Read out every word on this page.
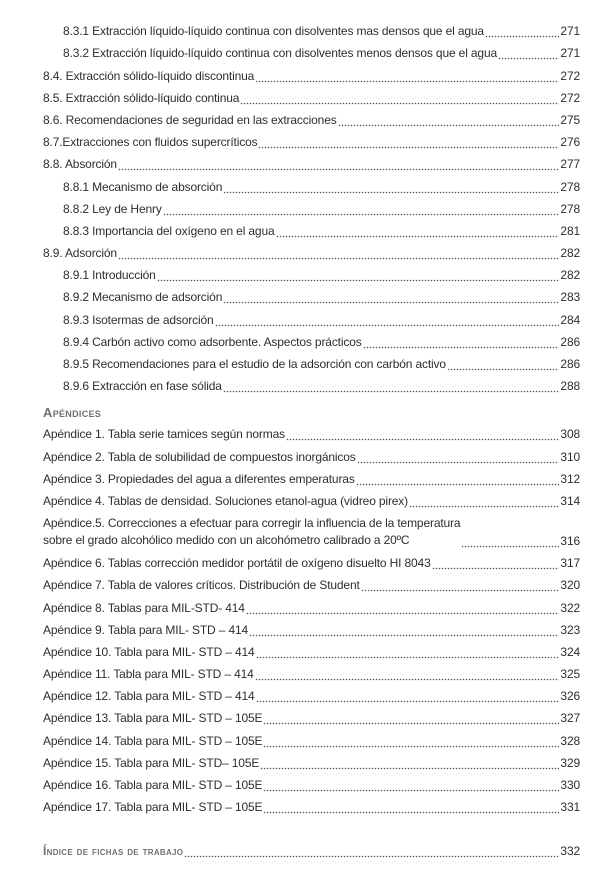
8.3.1 Extracción líquido-líquido continua con disolventes mas densos que el agua	271
8.3.2 Extracción líquido-líquido continua con disolventes menos densos que el agua	271
8.4. Extracción sólido-líquido discontinua	272
8.5. Extracción sólido-líquido continua	272
8.6. Recomendaciones de seguridad en las extracciones	275
8.7.Extracciones con fluidos supercríticos	276
8.8. Absorción	277
8.8.1 Mecanismo de absorción	278
8.8.2 Ley de Henry	278
8.8.3 Importancia del oxígeno en el agua	281
8.9. Adsorción	282
8.9.1 Introducción	282
8.9.2 Mecanismo de adsorción	283
8.9.3 Isotermas de adsorción	284
8.9.4 Carbón activo como adsorbente. Aspectos prácticos	286
8.9.5 Recomendaciones para el estudio de la adsorción con carbón activo	286
8.9.6 Extracción en fase sólida	288
Apéndices
Apéndice 1. Tabla serie tamices según normas	308
Apéndice 2. Tabla de solubilidad de compuestos inorgánicos	310
Apéndice 3. Propiedades del agua a diferentes emperaturas	312
Apéndice 4. Tablas de densidad. Soluciones etanol-agua (vidreo pirex)	314
Apéndice.5. Correcciones a efectuar para corregir la influencia de la temperatura
sobre el grado alcohólico medido con un alcohómetro calibrado a 20ºC	316
Apéndice 6. Tablas corrección medidor portátil de oxígeno disuelto HI 8043	317
Apéndice 7. Tabla de valores críticos. Distribución de Student	320
Apéndice 8. Tablas para MIL-STD- 414	322
Apéndice 9. Tabla para MIL- STD – 414	323
Apéndice 10. Tabla para MIL- STD – 414	324
Apéndice 11. Tabla para MIL- STD – 414	325
Apéndice 12. Tabla para MIL- STD – 414	326
Apéndice 13. Tabla para MIL- STD – 105E	327
Apéndice 14. Tabla para MIL- STD – 105E	328
Apéndice 15. Tabla para MIL- STD– 105E	329
Apéndice 16. Tabla para MIL- STD – 105E	330
Apéndice 17. Tabla para MIL- STD – 105E	331
Índice de fichas de trabajo	332
